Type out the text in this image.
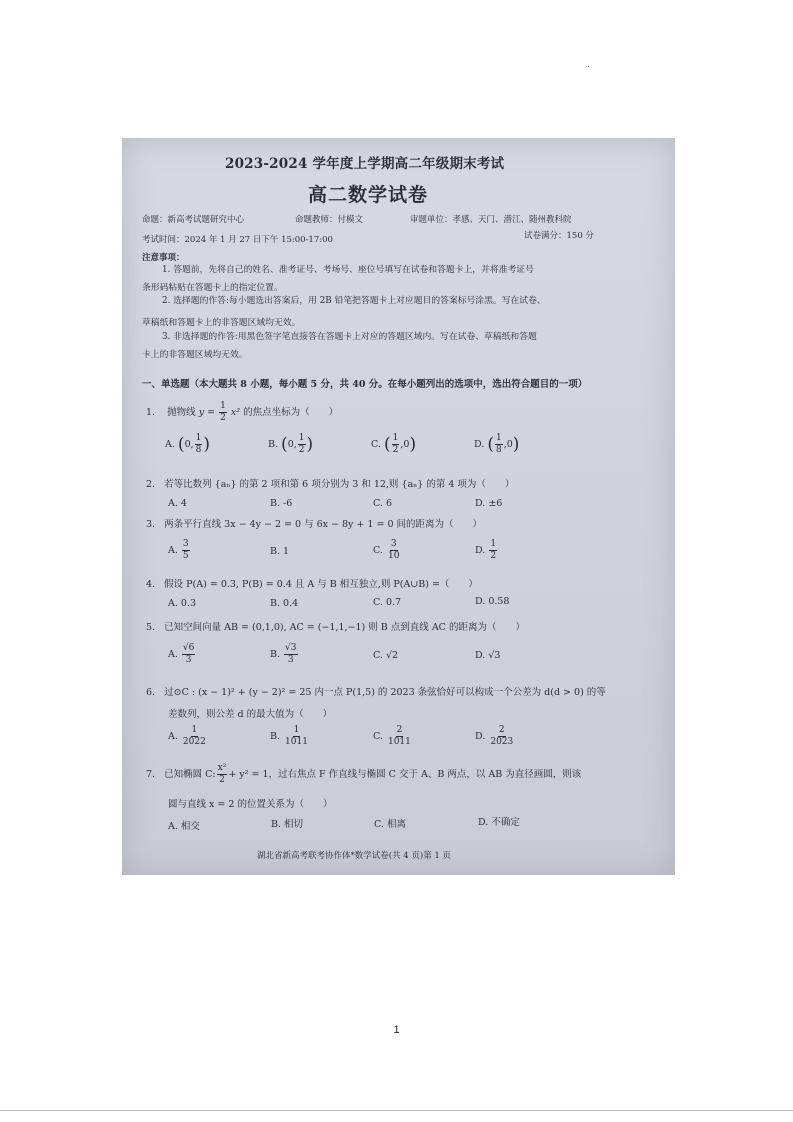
2023-2024 学年度上学期高二年级期末考试
高二数学试卷
命题：新高考试题研究中心	命题教师：付模文	审题单位：孝感、天门、潜江、随州教科院
考试时间：2024 年 1 月 27 日下午 15:00-17:00	试卷满分：150 分
注意事项：
1. 答题前，先将自己的姓名、准考证号、考场号、座位号填写在试卷和答题卡上，并将准考证号
条形码粘贴在答题卡上的指定位置。
2. 选择题的作答:每小题选出答案后，用 2B 铅笔把答题卡上对应题目的答案标号涂黑。写在试卷、
草稿纸和答题卡上的非答题区域均无效。
3. 非选择题的作答:用黑色签字笔直接答在答题卡上对应的答题区域内。写在试卷、草稿纸和答题
卡上的非答题区域均无效。
一、单选题（本大题共 8 小题，每小题 5 分，共 40 分。在每小题列出的选项中，选出符合题目的一项）
1. 抛物线 $y = \frac{1}{2} x^2$ 的焦点坐标为（　　）
A. (0, $\frac{1}{8}$ )	B. (0, $\frac{1}{2}$ )	C. ( $\frac{1}{2} ,0$)	D. ( $\frac{1}{8} ,0$)
2. 若等比数列 {aₙ} 的第 2 项和第 6 项分别为 3 和 12,则 {aₙ} 的第 4 项为（　　）
A. 4	B. -6	C. 6	D. ±6
3. 两条平行直线 3x − 4y − 2 = 0 与 6x − 8y + 1 = 0 间的距离为（　　）
A. $\frac{3}{5}$	B. 1	C. $\frac{3}{10}$	D. $\frac{1}{2}$
4. 假设 P(A) = 0.3, P(B) = 0.4 且 A 与 B 相互独立,则 P(A∪B) =（　　）
A. 0.3	B. 0.4	C. 0.7	D. 0.58
5. 已知空间向量 AB = (0,1,0), AC = (−1,1,−1) 则 B 点到直线 AC 的距离为（　　）
A. $\frac{√6}{3}$	B. $\frac{√3}{3}$	C. √2	D. √3
6. 过⊙C : (x − 1)² + (y − 2)² = 25 内一点 P(1,5) 的 2023 条弦恰好可以构成一个公差为 d(d > 0) 的等
差数列，则公差 d 的最大值为（　　）
A. $\frac{1}{2022}$	B. $\frac{1}{1011}$	C. $\frac{2}{1011}$	D. $\frac{2}{2023}$
7. 已知椭圆 C: $\frac{\text{x²}}{2} + y^2 = 1$，过右焦点 F 作直线与椭圆 C 交于 A、B 两点，以 AB 为直径画圆，则该
圆与直线 x = 2 的位置关系为（　　）
A. 相交	B. 相切	C. 相离	D. 不确定
湖北省新高考联考协作体*数学试卷(共 4 页)第 1 页
1
